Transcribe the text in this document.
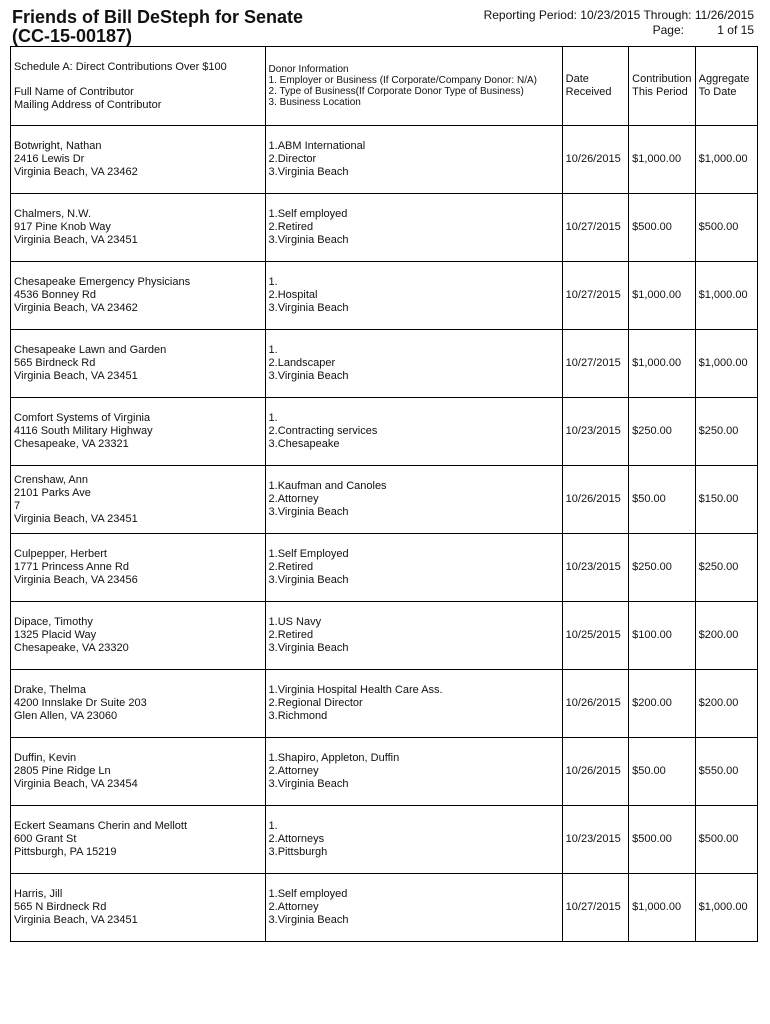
Friends of Bill DeSteph for Senate
(CC-15-00187)
Reporting Period: 10/23/2015 Through: 11/26/2015
Page:	1 of 15
Schedule A: Direct Contributions Over $100
Full Name of Contributor
Mailing Address of Contributor	Donor Information
1. Employer or Business (If Corporate/Company Donor: N/A)
2. Type of Business(If Corporate Donor Type of Business)
3. Business Location	Date
Received	Contribution
This Period	Aggregate
To Date

Botwright, Nathan
2416 Lewis Dr
Virginia Beach, VA 23462	1.ABM International
2.Director
3.Virginia Beach	10/26/2015	$1,000.00	$1,000.00

Chalmers, N.W.
917 Pine Knob Way
Virginia Beach, VA 23451	1.Self employed
2.Retired
3.Virginia Beach	10/27/2015	$500.00	$500.00

Chesapeake Emergency Physicians
4536 Bonney Rd
Virginia Beach, VA 23462	1.
2.Hospital
3.Virginia Beach	10/27/2015	$1,000.00	$1,000.00

Chesapeake Lawn and Garden
565 Birdneck Rd
Virginia Beach, VA 23451	1.
2.Landscaper
3.Virginia Beach	10/27/2015	$1,000.00	$1,000.00

Comfort Systems of Virginia
4116 South Military Highway
Chesapeake, VA 23321	1.
2.Contracting services
3.Chesapeake	10/23/2015	$250.00	$250.00

Crenshaw, Ann
2101 Parks Ave
7
Virginia Beach, VA 23451	1.Kaufman and Canoles
2.Attorney
3.Virginia Beach	10/26/2015	$50.00	$150.00

Culpepper, Herbert
1771 Princess Anne Rd
Virginia Beach, VA 23456	1.Self Employed
2.Retired
3.Virginia Beach	10/23/2015	$250.00	$250.00

Dipace, Timothy
1325 Placid Way
Chesapeake, VA 23320	1.US Navy
2.Retired
3.Virginia Beach	10/25/2015	$100.00	$200.00

Drake, Thelma
4200 Innslake Dr Suite 203
Glen Allen, VA 23060	1.Virginia Hospital Health Care Ass.
2.Regional Director
3.Richmond	10/26/2015	$200.00	$200.00

Duffin, Kevin
2805 Pine Ridge Ln
Virginia Beach, VA 23454	1.Shapiro, Appleton, Duffin
2.Attorney
3.Virginia Beach	10/26/2015	$50.00	$550.00

Eckert Seamans Cherin and Mellott
600 Grant St
Pittsburgh, PA 15219	1.
2.Attorneys
3.Pittsburgh	10/23/2015	$500.00	$500.00

Harris, Jill
565 N Birdneck Rd
Virginia Beach, VA 23451	1.Self employed
2.Attorney
3.Virginia Beach	10/27/2015	$1,000.00	$1,000.00
